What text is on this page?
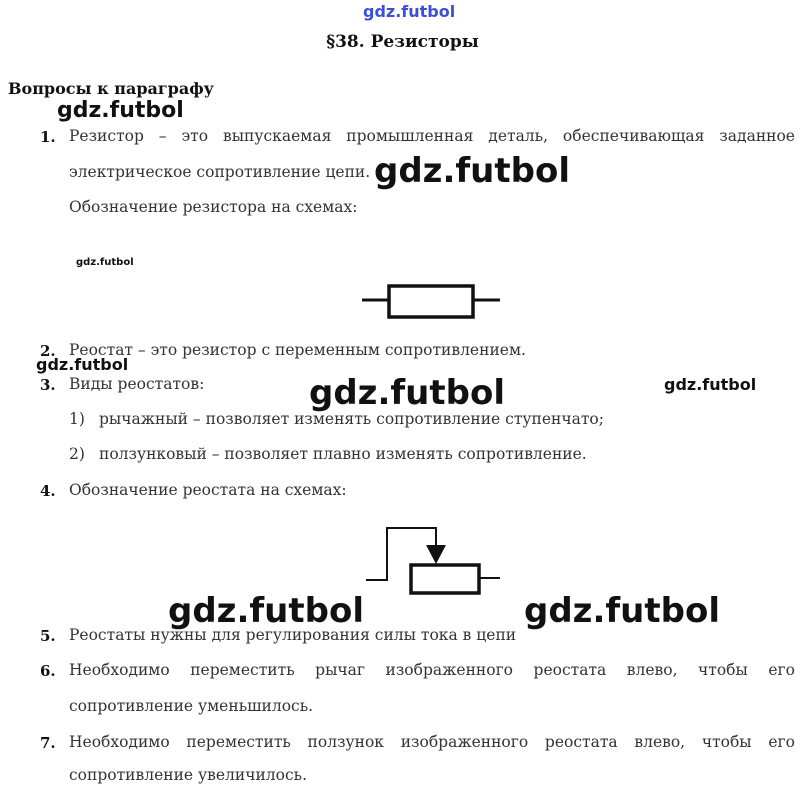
gdz.futbol
§38. Резисторы
Вопросы к параграфу
1. Резистор – это выпускаемая промышленная деталь, обеспечивающая заданное
электрическое сопротивление цепи.
Обозначение резистора на схемах:
2. Реостат – это резистор с переменным сопротивлением.
3. Виды реостатов:
1) рычажный – позволяет изменять сопротивление ступенчато;
2) ползунковый – позволяет плавно изменять сопротивление.
4. Обозначение реостата на схемах:
5. Реостаты нужны для регулирования силы тока в цепи
6. Необходимо переместить рычаг изображенного реостата влево, чтобы его
сопротивление уменьшилось.
7. Необходимо переместить ползунок изображенного реостата влево, чтобы его
сопротивление увеличилось.
gdz.futbol
gdz.futbol
gdz.futbol
gdz.futbol
gdz.futbol	gdz.futbol
gdz.futbol	gdz.futbol
